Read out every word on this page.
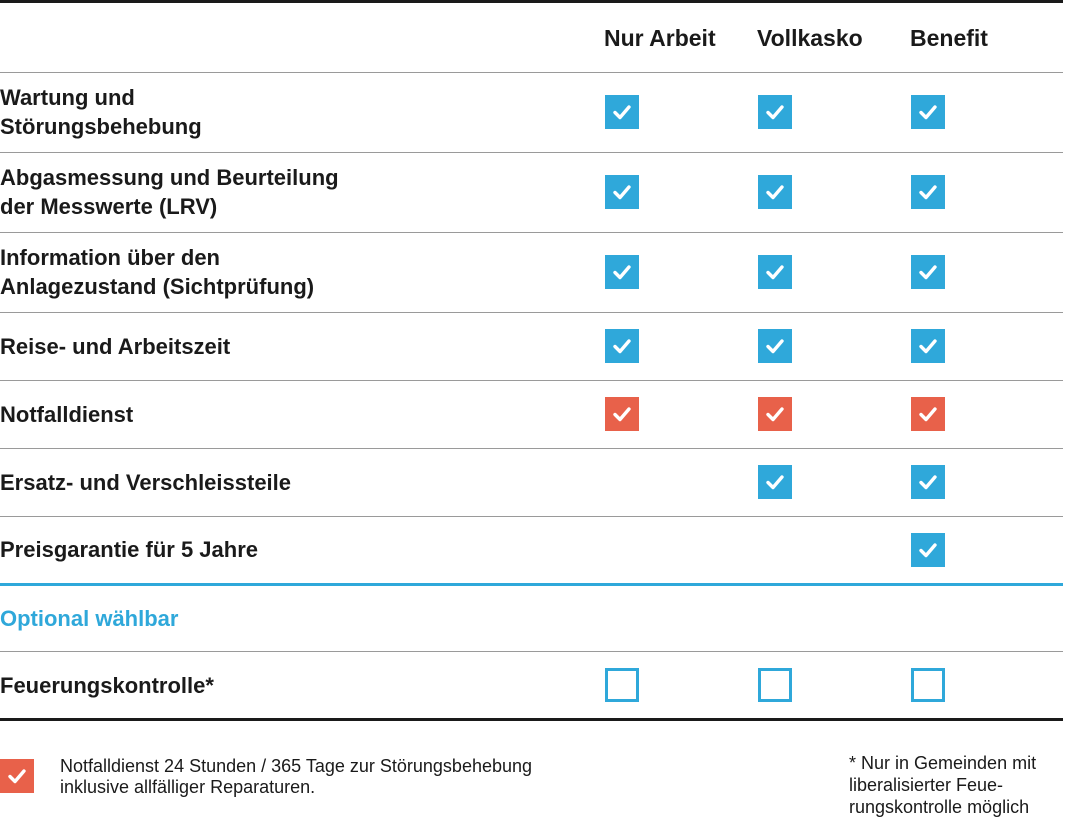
Nur Arbeit Vollkasko Benefit
Wartung und
Störungsbehebung
Abgasmessung und Beurteilung
der Messwerte (LRV)
Information über den
Anlagezustand (Sichtprüfung)
Reise- und Arbeitszeit
Notfalldienst
Ersatz- und Verschleissteile
Preisgarantie für 5 Jahre
Optional wählbar
Feuerungskontrolle*
Notfalldienst 24 Stunden / 365 Tage zur Störungsbehebung
inklusive allfälliger Reparaturen.
* Nur in Gemeinden mit
liberalisierter Feue-
rungskontrolle möglich
